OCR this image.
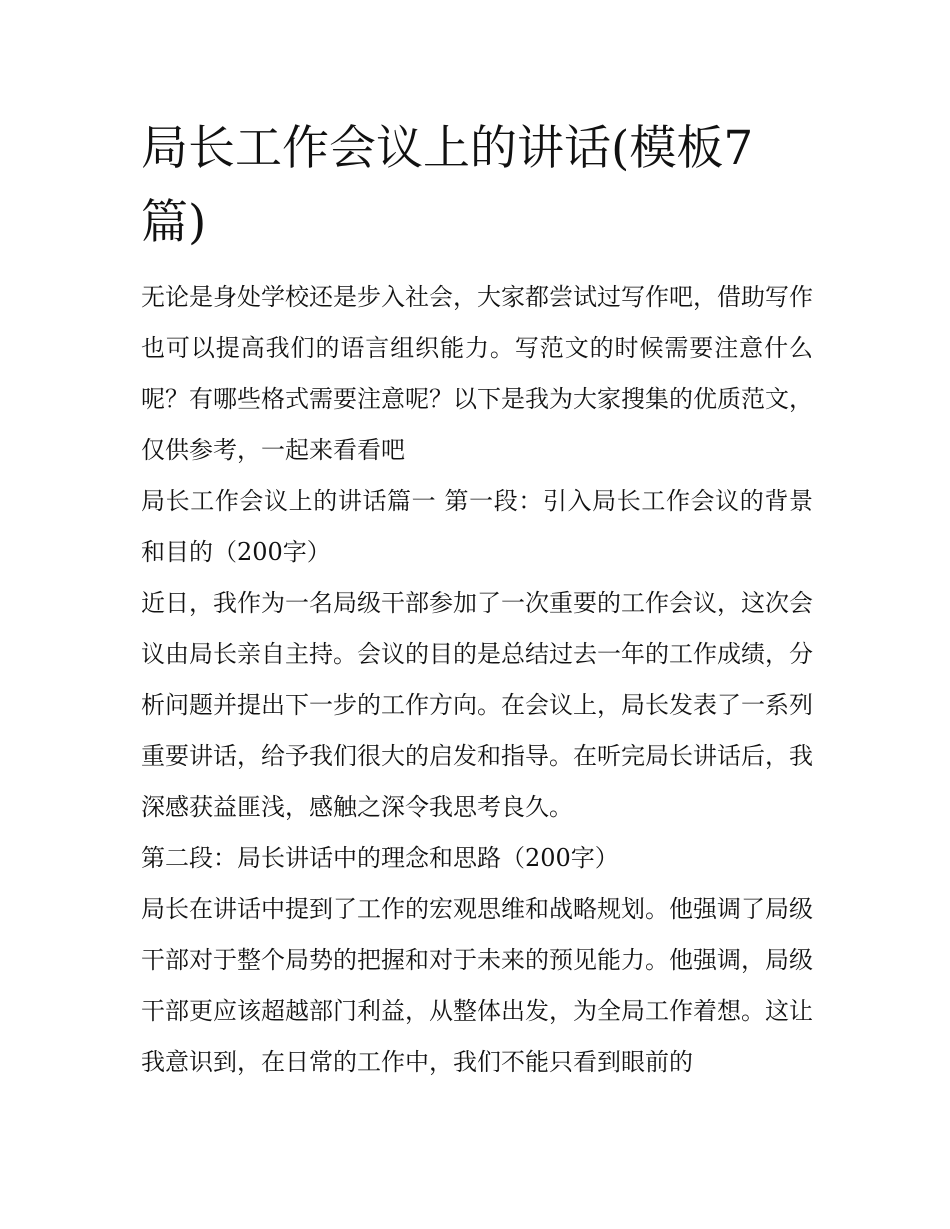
局长工作会议上的讲话(模板7篇)

无论是身处学校还是步入社会，大家都尝试过写作吧，借助写作也可以提高我们的语言组织能力。写范文的时候需要注意什么呢？有哪些格式需要注意呢？以下是我为大家搜集的优质范文，仅供参考，一起来看看吧

局长工作会议上的讲话篇一 第一段：引入局长工作会议的背景和目的（200字）

近日，我作为一名局级干部参加了一次重要的工作会议，这次会议由局长亲自主持。会议的目的是总结过去一年的工作成绩，分析问题并提出下一步的工作方向。在会议上，局长发表了一系列重要讲话，给予我们很大的启发和指导。在听完局长讲话后，我深感获益匪浅，感触之深令我思考良久。

第二段：局长讲话中的理念和思路（200字）

局长在讲话中提到了工作的宏观思维和战略规划。他强调了局级干部对于整个局势的把握和对于未来的预见能力。他强调，局级干部更应该超越部门利益，从整体出发，为全局工作着想。这让我意识到，在日常的工作中，我们不能只看到眼前的
